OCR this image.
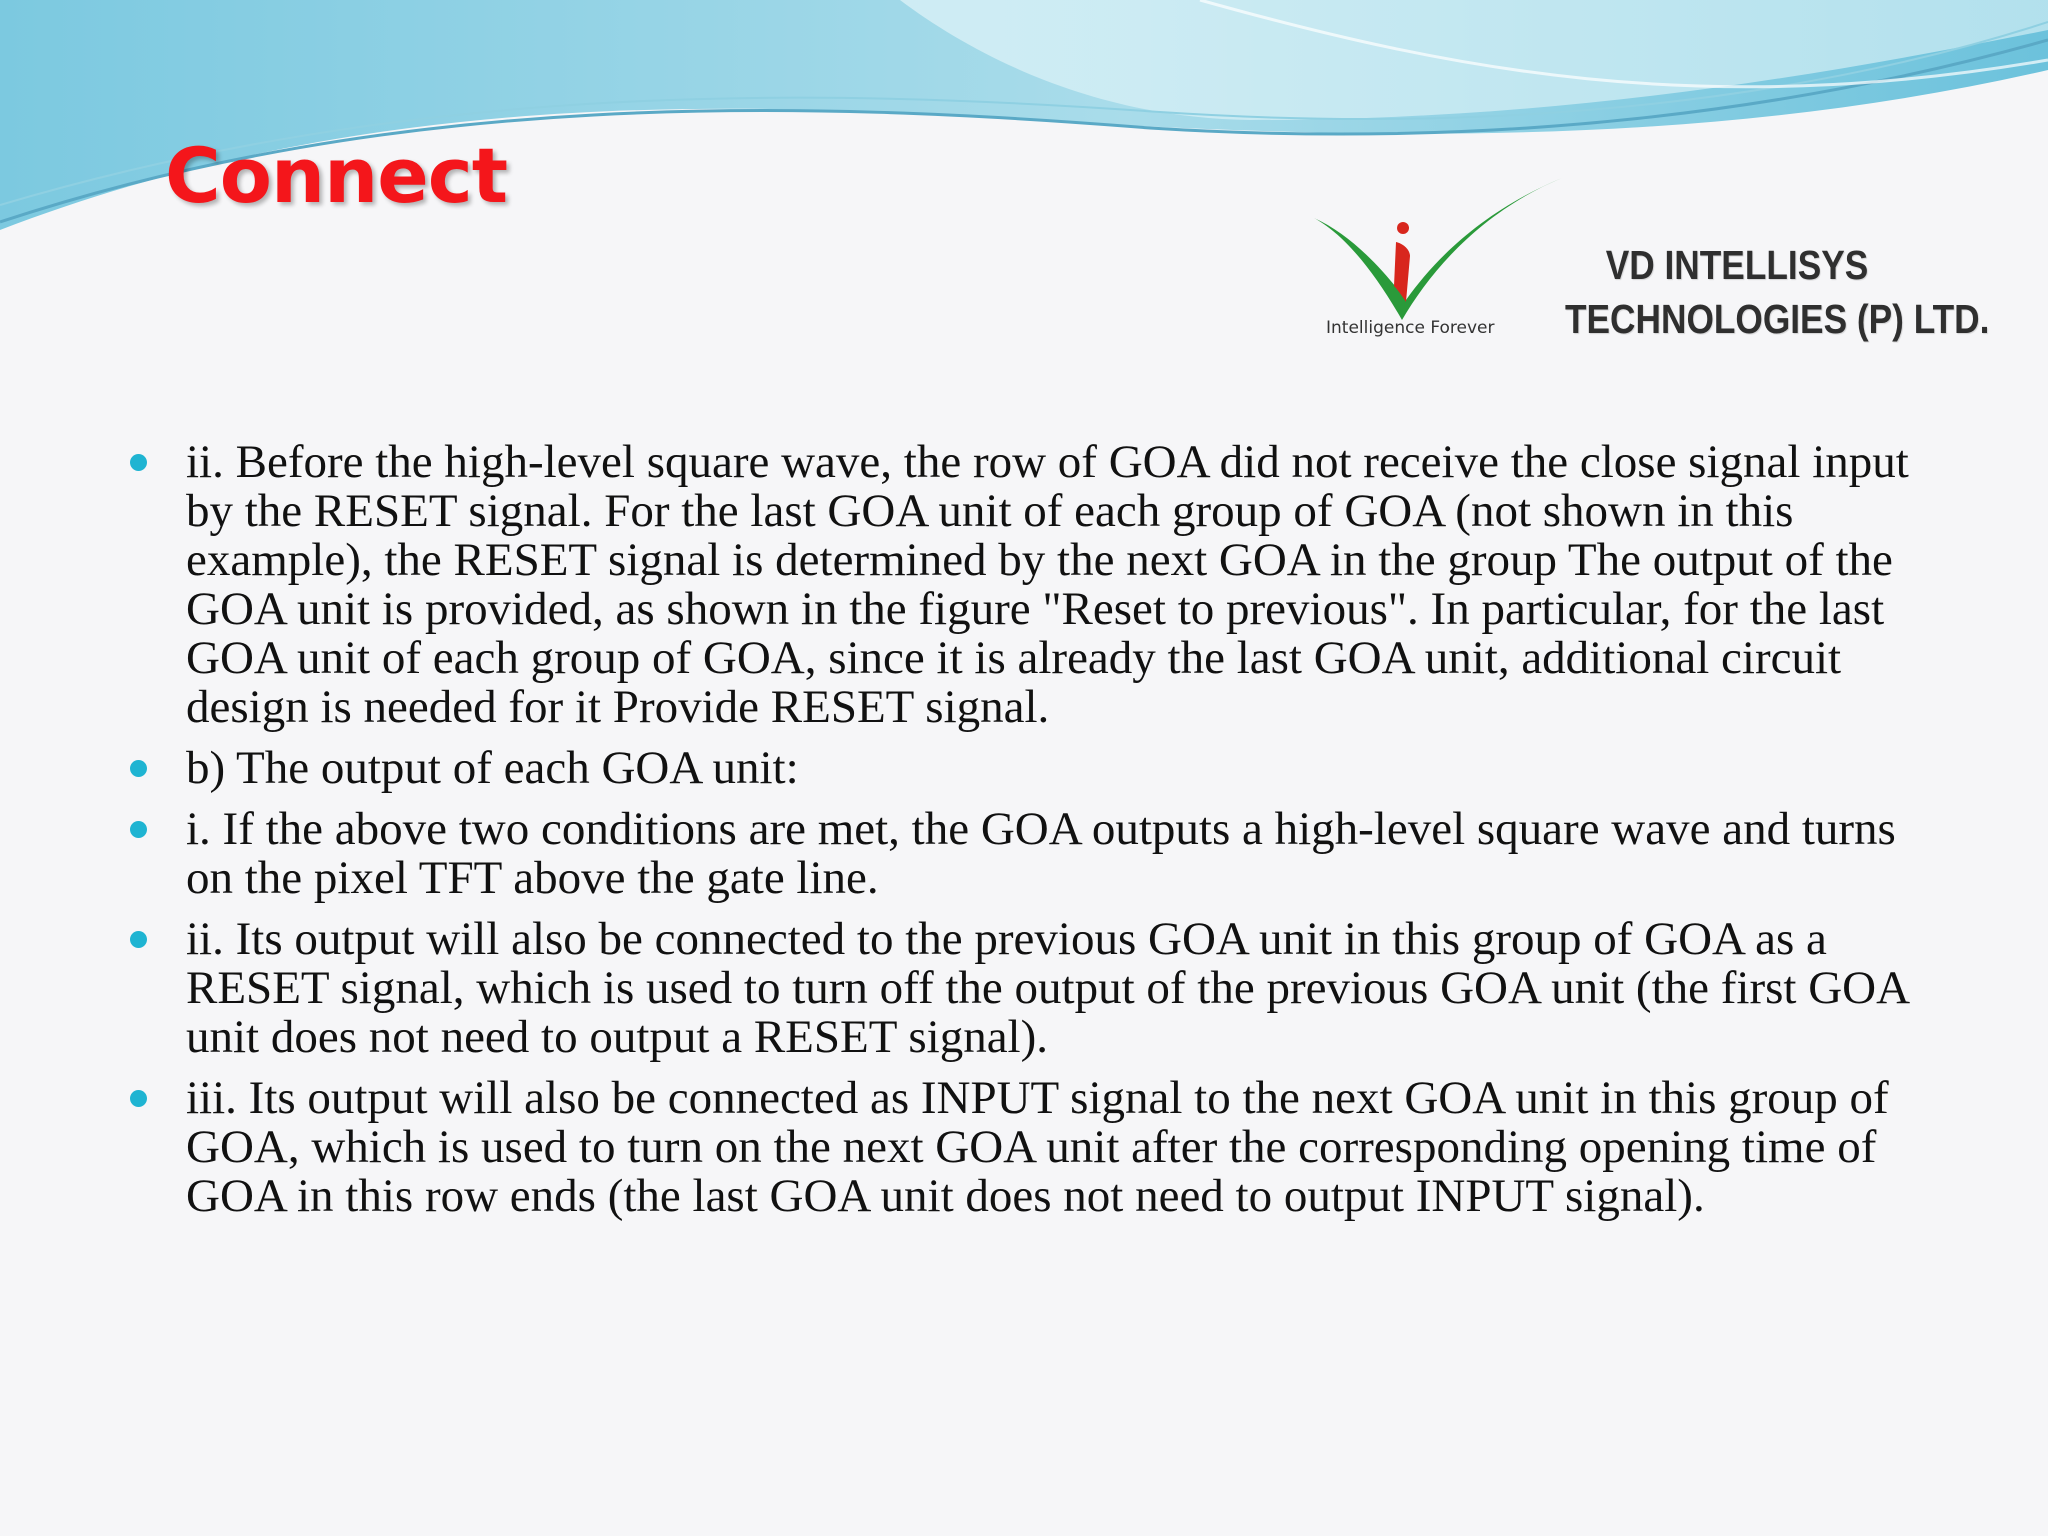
Connect
Intelligence Forever
VD INTELLISYS
TECHNOLOGIES (P) LTD.
ii. Before the high-level square wave, the row of GOA did not receive the close signal input by the RESET signal. For the last GOA unit of each group of GOA (not shown in this example), the RESET signal is determined by the next GOA in the group The output of the GOA unit is provided, as shown in the figure "Reset to previous". In particular, for the last GOA unit of each group of GOA, since it is already the last GOA unit, additional circuit design is needed for it Provide RESET signal.
b) The output of each GOA unit:
i. If the above two conditions are met, the GOA outputs a high-level square wave and turns on the pixel TFT above the gate line.
ii. Its output will also be connected to the previous GOA unit in this group of GOA as a RESET signal, which is used to turn off the output of the previous GOA unit (the first GOA unit does not need to output a RESET signal).
iii. Its output will also be connected as INPUT signal to the next GOA unit in this group of GOA, which is used to turn on the next GOA unit after the corresponding opening time of GOA in this row ends (the last GOA unit does not need to output INPUT signal).
